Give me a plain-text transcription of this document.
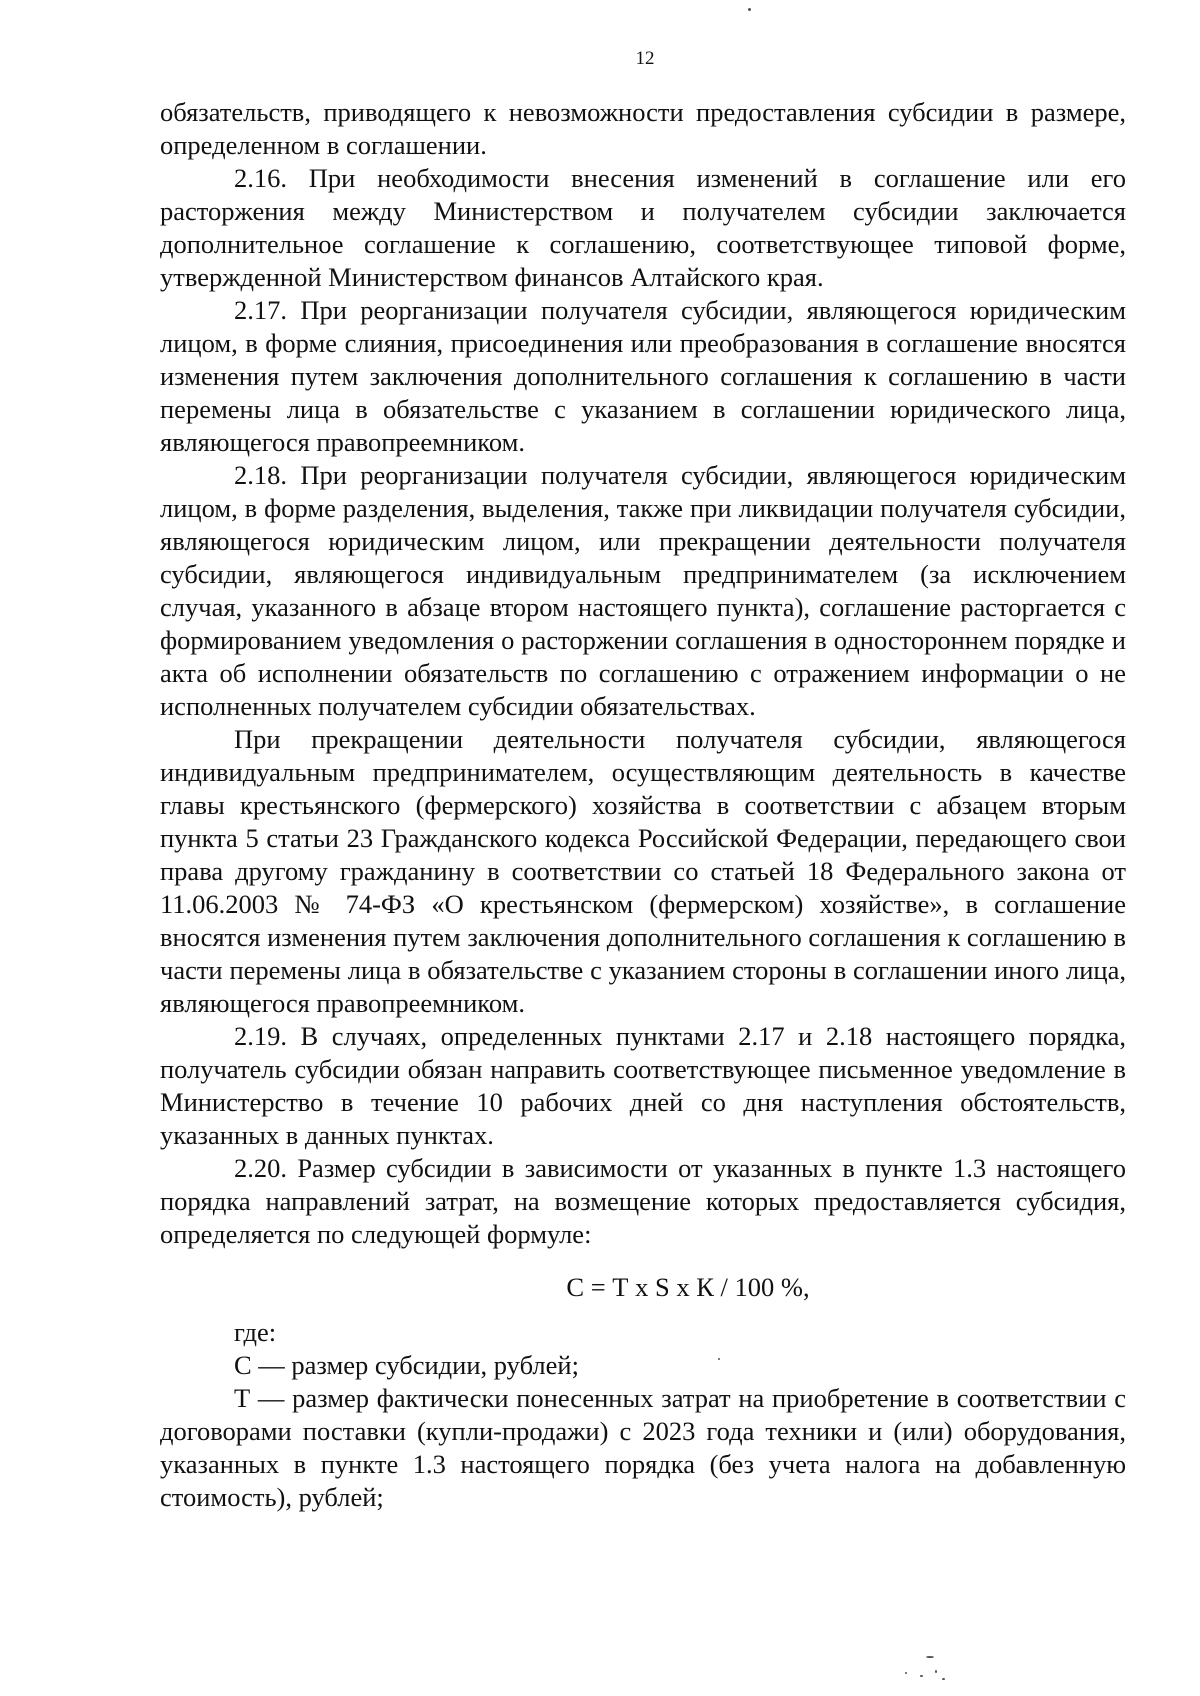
12

обязательств, приводящего к невозможности предоставления субсидии в размере, определенном в соглашении.

2.16. При необходимости внесения изменений в соглашение или его расторжения между Министерством и получателем субсидии заключается дополнительное соглашение к соглашению, соответствующее типовой форме, утвержденной Министерством финансов Алтайского края.

2.17. При реорганизации получателя субсидии, являющегося юридическим лицом, в форме слияния, присоединения или преобразования в соглашение вносятся изменения путем заключения дополнительного соглашения к соглашению в части перемены лица в обязательстве с указанием в соглашении юридического лица, являющегося правопреемником.

2.18. При реорганизации получателя субсидии, являющегося юридическим лицом, в форме разделения, выделения, также при ликвидации получателя субсидии, являющегося юридическим лицом, или прекращении деятельности получателя субсидии, являющегося индивидуальным предпринимателем (за исключением случая, указанного в абзаце втором настоящего пункта), соглашение расторгается с формированием уведомления о расторжении соглашения в одностороннем порядке и акта об исполнении обязательств по соглашению с отражением информации о не исполненных получателем субсидии обязательствах.

При прекращении деятельности получателя субсидии, являющегося индивидуальным предпринимателем, осуществляющим деятельность в качестве главы крестьянского (фермерского) хозяйства в соответствии с абзацем вторым пункта 5 статьи 23 Гражданского кодекса Российской Федерации, передающего свои права другому гражданину в соответствии со статьей 18 Федерального закона от 11.06.2003 № 74-ФЗ «О крестьянском (фермерском) хозяйстве», в соглашение вносятся изменения путем заключения дополнительного соглашения к соглашению в части перемены лица в обязательстве с указанием стороны в соглашении иного лица, являющегося правопреемником.

2.19. В случаях, определенных пунктами 2.17 и 2.18 настоящего порядка, получатель субсидии обязан направить соответствующее письменное уведомление в Министерство в течение 10 рабочих дней со дня наступления обстоятельств, указанных в данных пунктах.

2.20. Размер субсидии в зависимости от указанных в пункте 1.3 настоящего порядка направлений затрат, на возмещение которых предоставляется субсидия, определяется по следующей формуле:

С = Т х S х К / 100 %,

где:

С — размер субсидии, рублей;

Т — размер фактически понесенных затрат на приобретение в соответствии с договорами поставки (купли-продажи) с 2023 года техники и (или) оборудования, указанных в пункте 1.3 настоящего порядка (без учета налога на добавленную стоимость), рублей;
